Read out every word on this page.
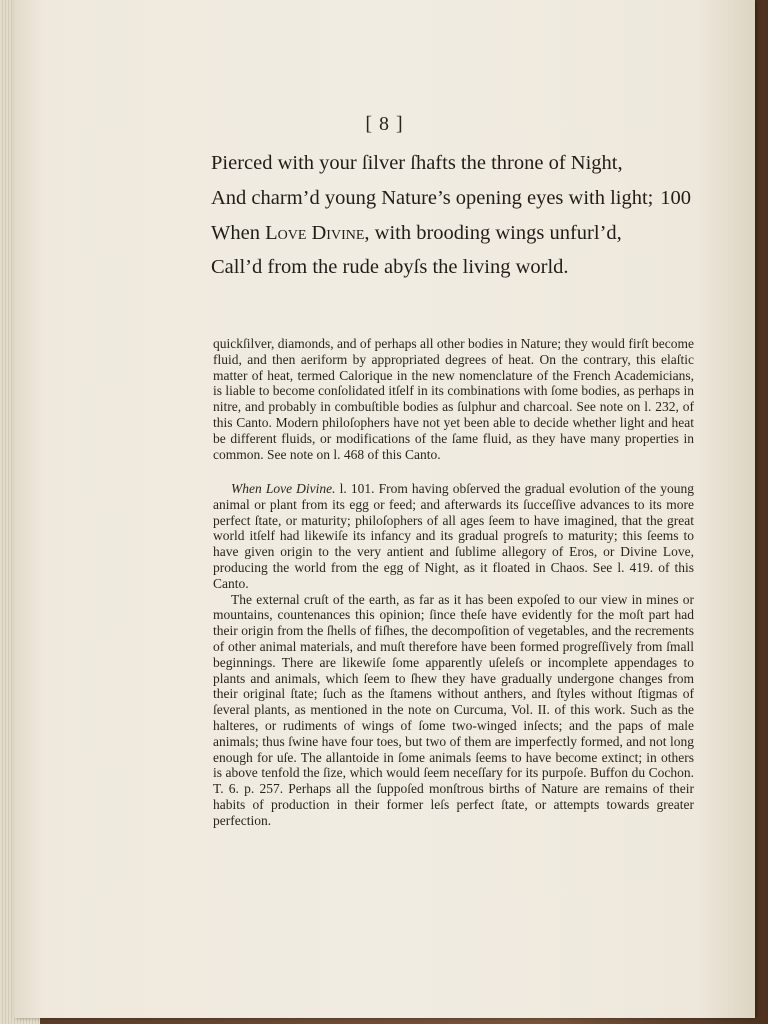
[ 8 ]
Pierced with your ſilver ſhafts the throne of Night,
And charm’d young Nature’s opening eyes with light; 100
When Love Divine, with brooding wings unfurl’d,
Call’d from the rude abyſs the living world.

quickſilver, diamonds, and of perhaps all other bodies in Nature; they would firſt become fluid, and then aeriform by appropriated degrees of heat. On the contrary, this elaſtic matter of heat, termed Calorique in the new nomenclature of the French Academicians, is liable to become conſolidated itſelf in its combinations with ſome bodies, as perhaps in nitre, and probably in combuſtible bodies as ſulphur and charcoal. See note on l. 232, of this Canto. Modern philoſophers have not yet been able to decide whether light and heat be different fluids, or modifications of the ſame fluid, as they have many properties in common. See note on l. 468 of this Canto.

When Love Divine. l. 101. From having obſerved the gradual evolution of the young animal or plant from its egg or feed; and afterwards its ſucceſſive advances to its more perfect ſtate, or maturity; philoſophers of all ages ſeem to have imagined, that the great world itſelf had likewiſe its infancy and its gradual progreſs to maturity; this ſeems to have given origin to the very antient and ſublime allegory of Eros, or Divine Love, producing the world from the egg of Night, as it floated in Chaos. See l. 419. of this Canto.

The external cruſt of the earth, as far as it has been expoſed to our view in mines or mountains, countenances this opinion; ſince theſe have evidently for the moſt part had their origin from the ſhells of fiſhes, the decompoſition of vegetables, and the recrements of other animal materials, and muſt therefore have been formed progreſſively from ſmall beginnings. There are likewiſe ſome apparently uſeleſs or incomplete appendages to plants and animals, which ſeem to ſhew they have gradually undergone changes from their original ſtate; ſuch as the ſtamens without anthers, and ſtyles without ſtigmas of ſeveral plants, as mentioned in the note on Curcuma, Vol. II. of this work. Such as the halteres, or rudiments of wings of ſome two-winged inſects; and the paps of male animals; thus ſwine have four toes, but two of them are imperfectly formed, and not long enough for uſe. The allantoide in ſome animals ſeems to have become extinct; in others is above tenfold the ſize, which would ſeem neceſſary for its purpoſe. Buffon du Cochon. T. 6. p. 257. Perhaps all the ſuppoſed monſtrous births of Nature are remains of their habits of production in their former leſs perfect ſtate, or attempts towards greater perfection.
